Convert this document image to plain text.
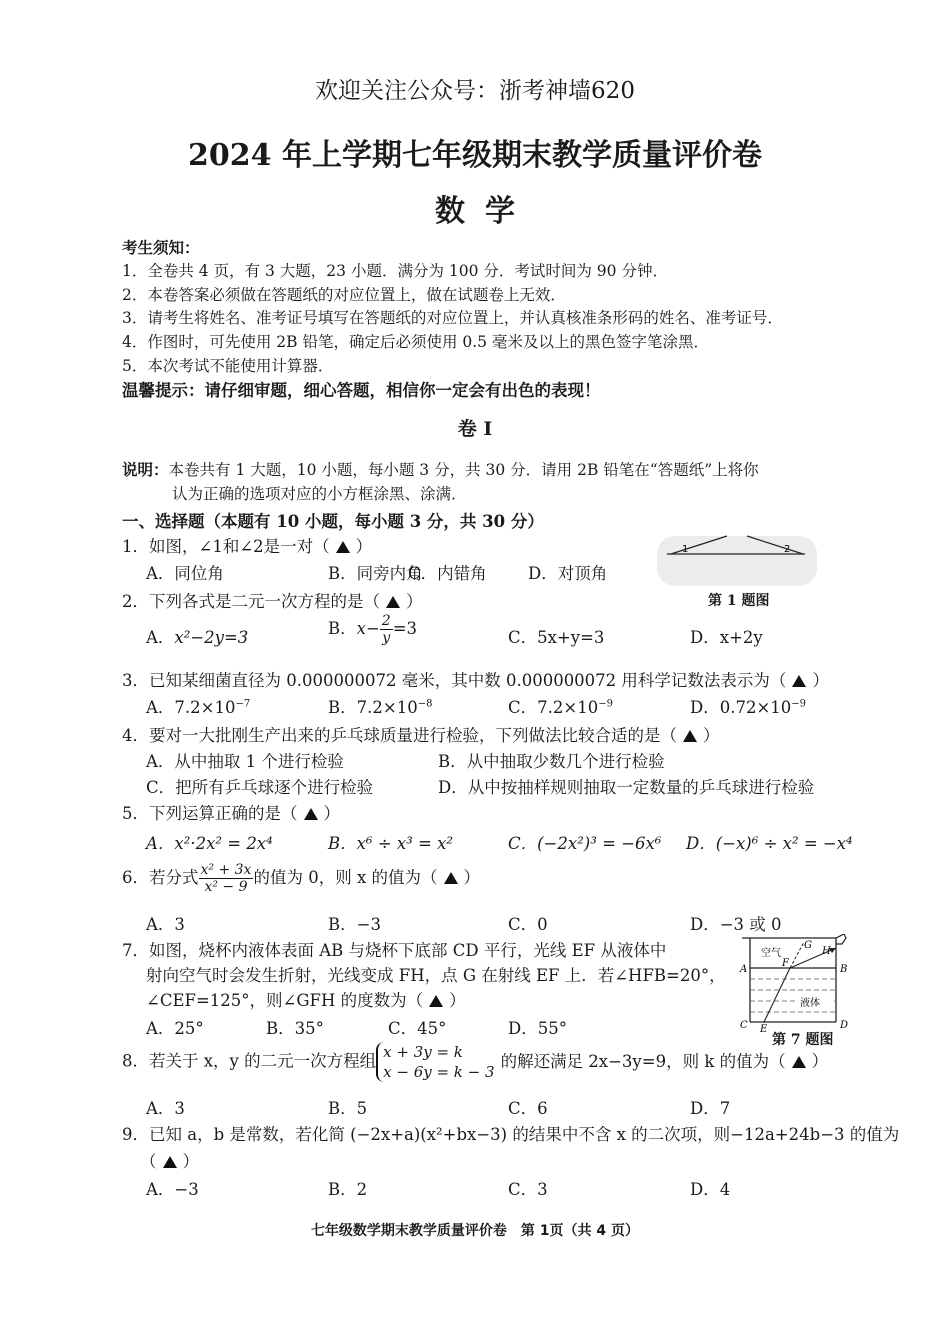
欢迎关注公众号：浙考神墙620
2024 年上学期七年级期末教学质量评价卷
数学
考生须知：
1．全卷共 4 页，有 3 大题，23 小题．满分为 100 分．考试时间为 90 分钟．
2．本卷答案必须做在答题纸的对应位置上，做在试题卷上无效．
3．请考生将姓名、准考证号填写在答题纸的对应位置上，并认真核准条形码的姓名、准考证号．
4．作图时，可先使用 2B 铅笔，确定后必须使用 0.5 毫米及以上的黑色签字笔涂黑．
5．本次考试不能使用计算器．
温馨提示：请仔细审题，细心答题，相信你一定会有出色的表现！
卷 Ⅰ
说明：本卷共有 1 大题，10 小题，每小题 3 分，共 30 分．请用 2B 铅笔在“答题纸”上将你
认为正确的选项对应的小方框涂黑、涂满．
一、选择题（本题有 10 小题，每小题 3 分，共 30 分）
1．如图，∠1和∠2是一对（ ）
A．同位角	B．同旁内角
C．内错角	D．对顶角
1	2
第 1 题图
2．下列各式是二元一次方程的是（ ）
A．x²−2y=3	B．$x- \frac{2}{y} =3$	C．5x+y=3	D．x+2y
3．已知某细菌直径为 0.000000072 毫米，其中数 0.000000072 用科学记数法表示为（ ）
A．$7.2\times 10^{-7}$	B．$7.2\times 10^{-8}$	C．$7.2\times 10^{-9}$	D．$0.72\times 10^{-9}$
4．要对一大批刚生产出来的乒乓球质量进行检验，下列做法比较合适的是（ ）
A．从中抽取 1 个进行检验	B．从中抽取少数几个进行检验
C．把所有乒乓球逐个进行检验	D．从中按抽样规则抽取一定数量的乒乓球进行检验
5．下列运算正确的是（ ）
A．x²·2x² = 2x⁴	B．x⁶ ÷ x³ = x²	C．(−2x²)³ = −6x⁶ D．(−x)⁶ ÷ x² = −x⁴
6．若分式 $\frac{\text{x² + 3x}}{\text{x² − 9}}$ 的值为 0，则 x 的值为（ ）
A．3	B．−3	C．0	D．−3 或 0
7．如图，烧杯内液体表面 AB 与烧杯下底部 CD 平行，光线 EF 从液体中
射向空气时会发生折射，光线变成 FH，点 G 在射线 EF 上．若∠HFB=20°，
∠CEF=125°，则∠GFH 的度数为（ ）
A．25°	B．35°	C．45°	D．55°
空气
液体
A	B
C	D
E
F
G
H
第 7 题图
8．若关于 x，y 的二元一次方程组 x + 3y = k
x − 6y = k − 3
的解还满足 2x−3y=9，则 k 的值为（ ）
A．3	B．5	C．6	D．7
9．已知 a，b 是常数，若化简 (−2x+a)(x²+bx−3) 的结果中不含 x 的二次项，则−12a+24b−3 的值为
（ ）
A．−3	B．2	C．3	D．4
七年级数学期末教学质量评价卷　第 1页（共 4 页）
